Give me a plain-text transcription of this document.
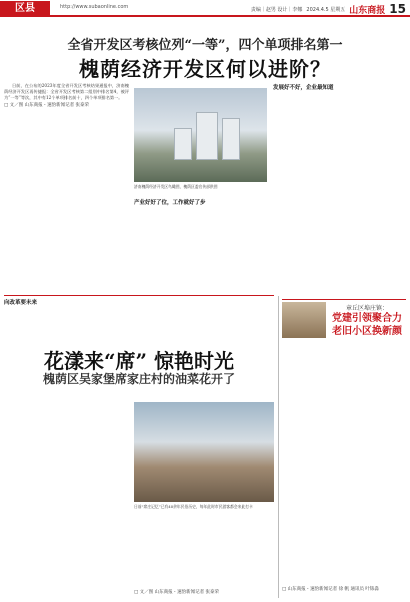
区县	http://www.subaonline.com	责编｜赵男 设计｜李娜 2024.4.5 星期五 山东商报 15
全省开发区考核位列“一等”，四个单项排名第一
槐荫经济开发区何以进阶？

日前，在公布的2023年度全省开发区考核结果通报中，济南槐荫经济开发区再传捷报：全省开发区考核第二组别中排名第4，被评为“一等”等次，其中有12个单项排名前十，四个单项排名第一。

□ 文／图 山东商报・速豹新闻记者 张泰荣
济南槐荫经济开发区鸟瞰图，槐荫区委宣传部供图
产业好好了位，工作就好了步
发展好不好，企业最知道
向改革要未来
花漾来“席” 惊艳时光
槐荫区吴家堡席家庄村的油菜花开了
日前“席庄记忆”已有40余年民俗历史，每年此时市民游客都会来此打卡
□ 文／图 山东商报・速豹新闻记者 张泰荣
章丘区埠庄镇：
党建引领聚合力 老旧小区换新颜
□ 山东商报・速豹新闻记者 徐 帆 通讯员 叶铄淼
